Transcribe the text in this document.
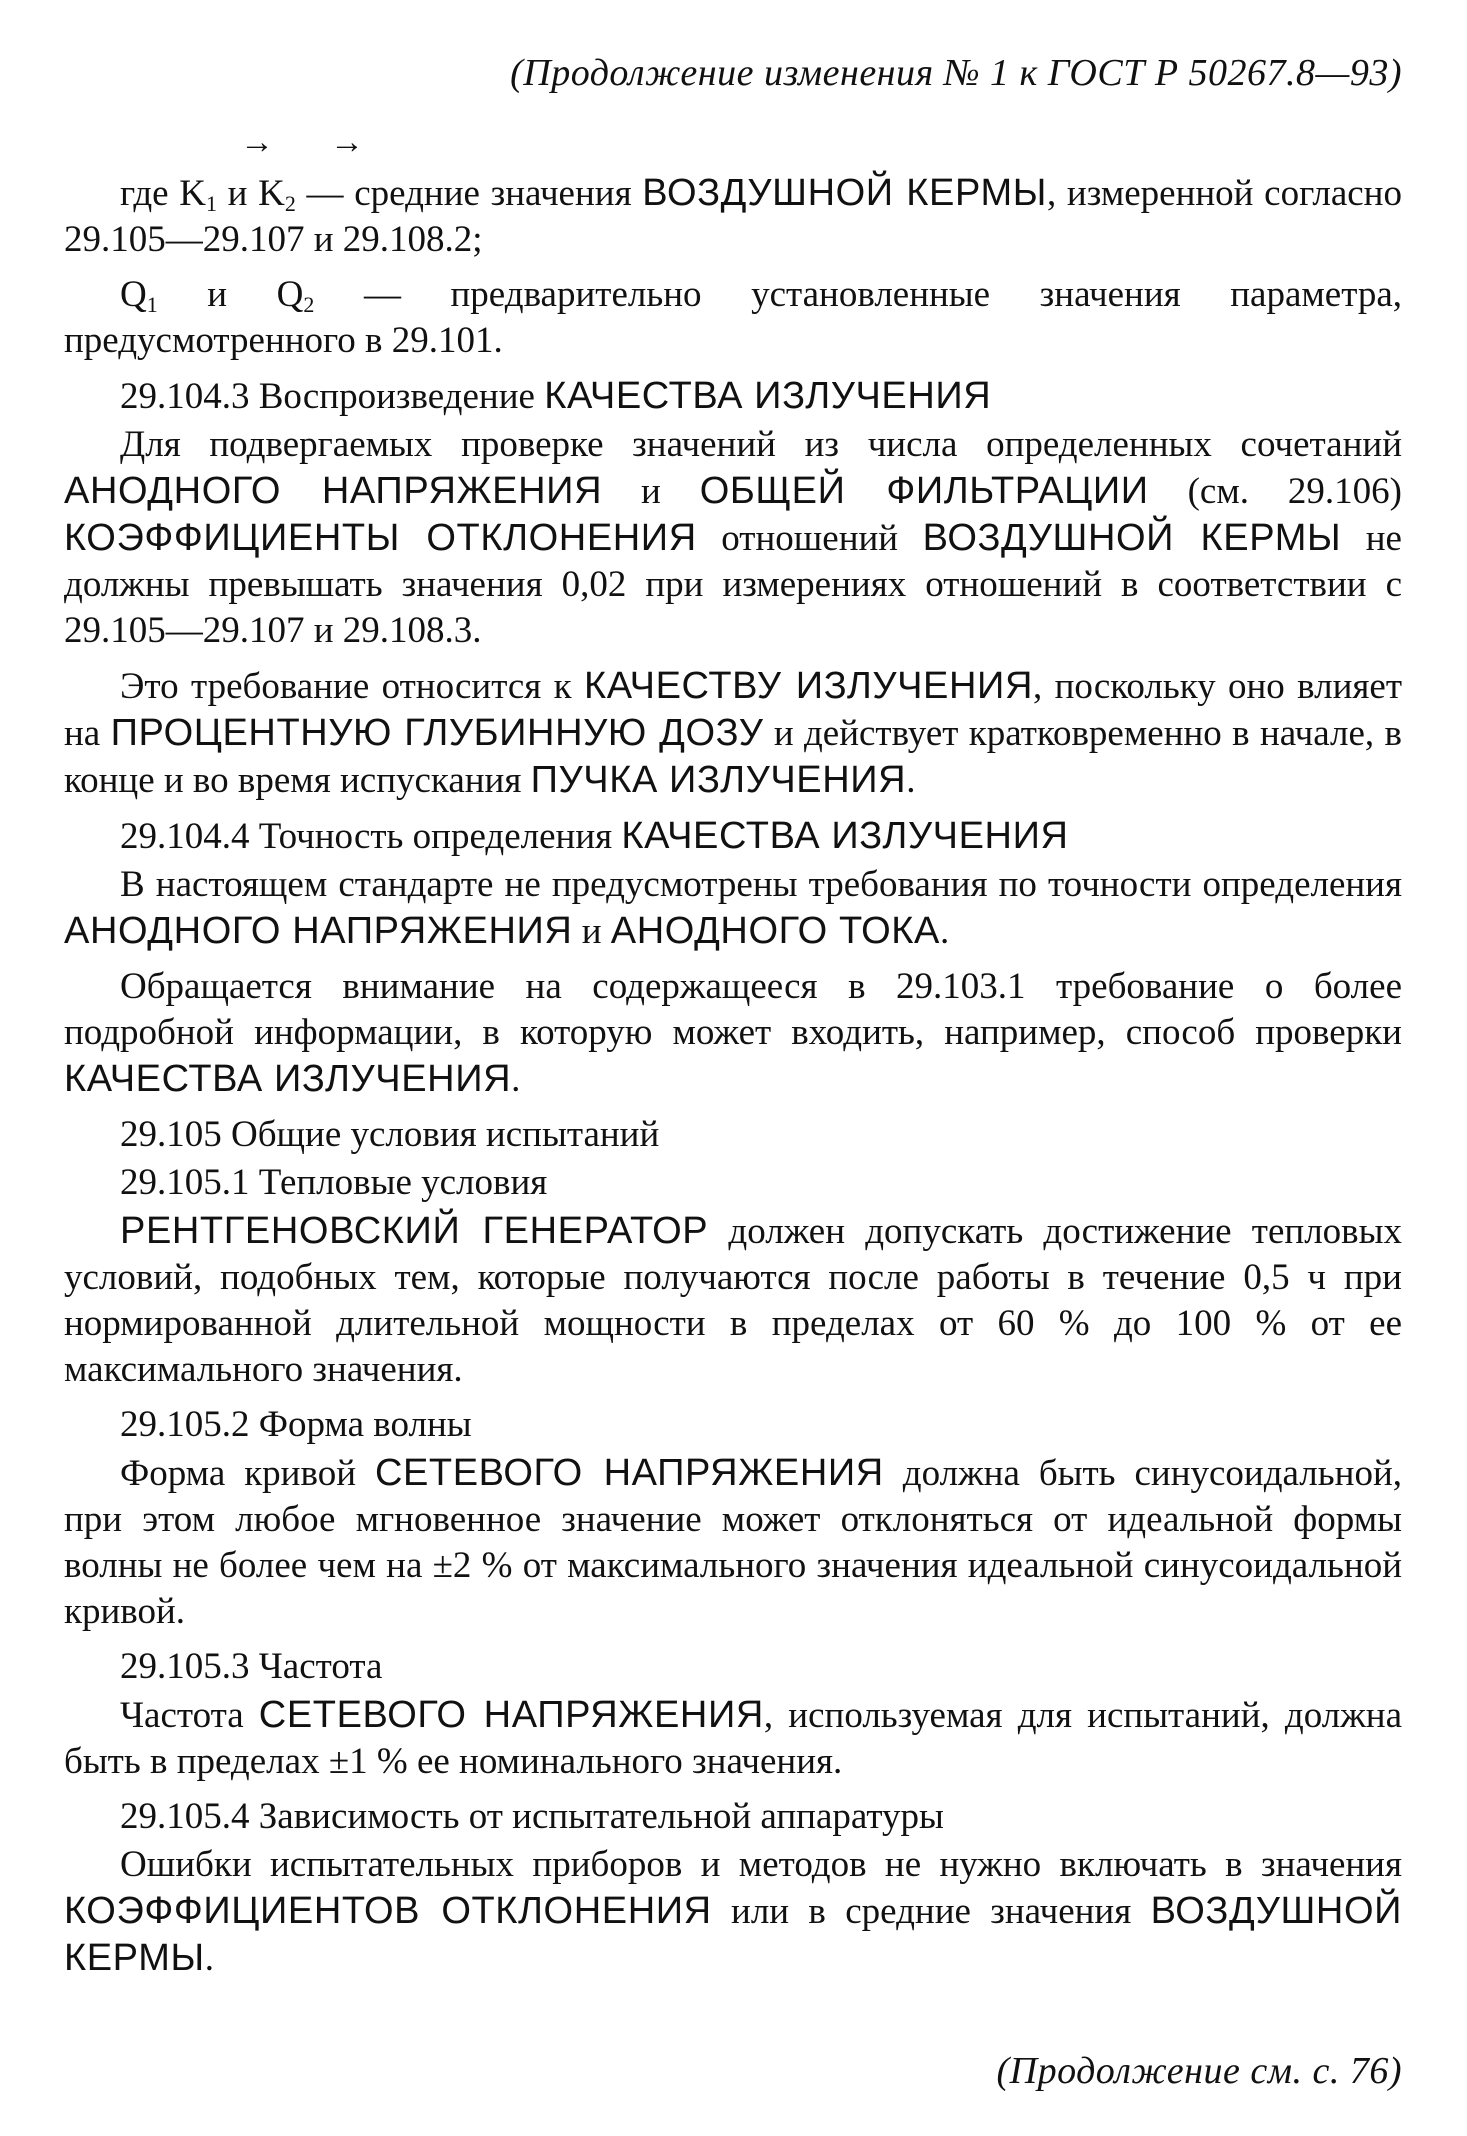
(Продолжение изменения № 1 к ГОСТ Р 50267.8—93)
→ →

где $K_1$ и $K_2$ — средние значения ВОЗДУШНОЙ КЕРМЫ, измеренной согласно 29.105—29.107 и 29.108.2;

$Q_1$ и $Q_2$ — предварительно установленные значения параметра, предусмотренного в 29.101.

29.104.3 Воспроизведение КАЧЕСТВА ИЗЛУЧЕНИЯ

Для подвергаемых проверке значений из числа определенных сочетаний АНОДНОГО НАПРЯЖЕНИЯ и ОБЩЕЙ ФИЛЬТРАЦИИ (см. 29.106) КОЭФФИЦИЕНТЫ ОТКЛОНЕНИЯ отношений ВОЗДУШНОЙ КЕРМЫ не должны превышать значения 0,02 при измерениях отношений в соответствии с 29.105—29.107 и 29.108.3.

Это требование относится к КАЧЕСТВУ ИЗЛУЧЕНИЯ, поскольку оно влияет на ПРОЦЕНТНУЮ ГЛУБИННУЮ ДОЗУ и действует кратковременно в начале, в конце и во время испускания ПУЧКА ИЗЛУЧЕНИЯ.

29.104.4 Точность определения КАЧЕСТВА ИЗЛУЧЕНИЯ

В настоящем стандарте не предусмотрены требования по точности определения АНОДНОГО НАПРЯЖЕНИЯ и АНОДНОГО ТОКА.

Обращается внимание на содержащееся в 29.103.1 требование о более подробной информации, в которую может входить, например, способ проверки КАЧЕСТВА ИЗЛУЧЕНИЯ.

29.105 Общие условия испытаний

29.105.1 Тепловые условия

РЕНТГЕНОВСКИЙ ГЕНЕРАТОР должен допускать достижение тепловых условий, подобных тем, которые получаются после работы в течение 0,5 ч при нормированной длительной мощности в пределах от 60 % до 100 % от ее максимального значения.

29.105.2 Форма волны

Форма кривой СЕТЕВОГО НАПРЯЖЕНИЯ должна быть синусоидальной, при этом любое мгновенное значение может отклоняться от идеальной формы волны не более чем на ±2 % от максимального значения идеальной синусоидальной кривой.

29.105.3 Частота

Частота СЕТЕВОГО НАПРЯЖЕНИЯ, используемая для испытаний, должна быть в пределах ±1 % ее номинального значения.

29.105.4 Зависимость от испытательной аппаратуры

Ошибки испытательных приборов и методов не нужно включать в значения КОЭФФИЦИЕНТОВ ОТКЛОНЕНИЯ или в средние значения ВОЗДУШНОЙ КЕРМЫ.

(Продолжение см. с. 76)
